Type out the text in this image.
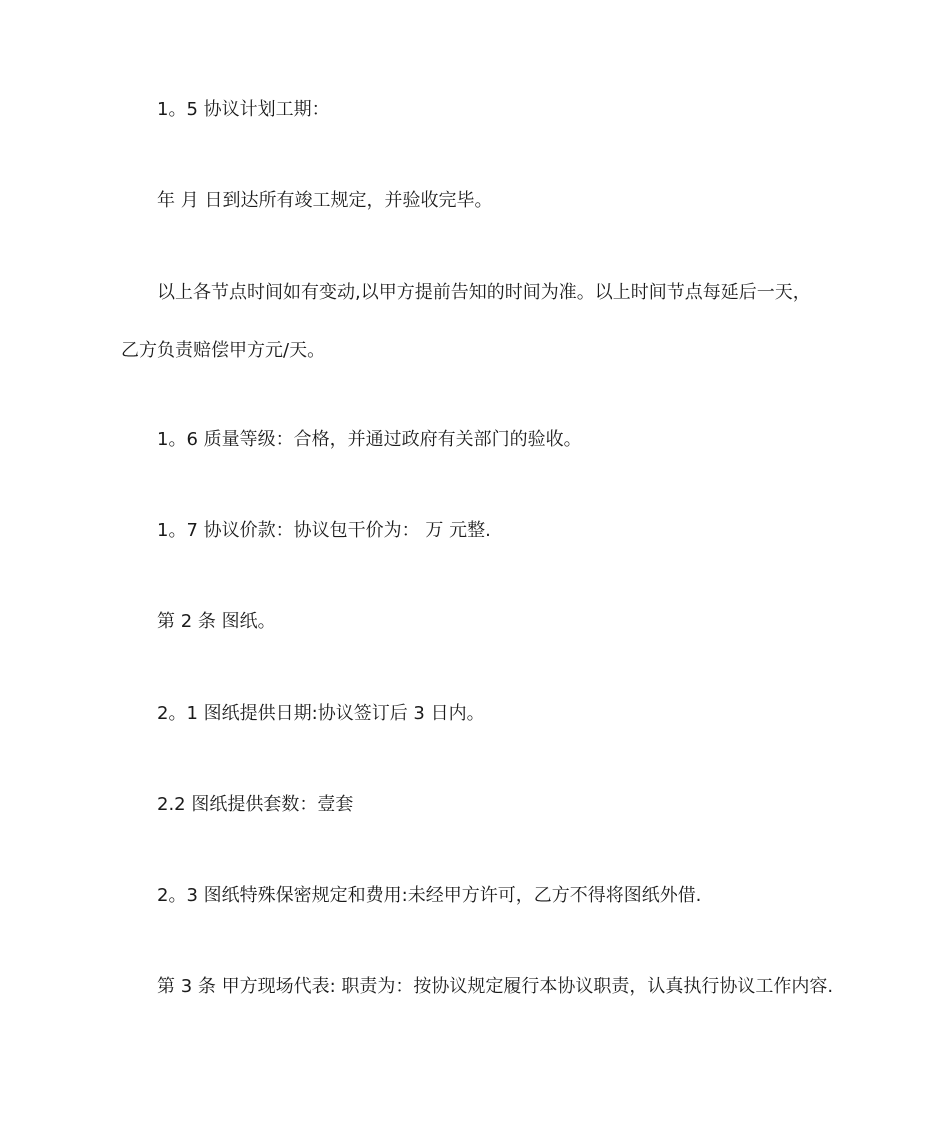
1。5 协议计划工期：
年 月 日到达所有竣工规定，并验收完毕。
以上各节点时间如有变动,以甲方提前告知的时间为准。以上时间节点每延后一天，
乙方负责赔偿甲方元/天。
1。6 质量等级：合格，并通过政府有关部门的验收。
1。7 协议价款：协议包干价为： 万 元整.
第 2 条 图纸。
2。1 图纸提供日期:协议签订后 3 日内。
2.2 图纸提供套数：壹套
2。3 图纸特殊保密规定和费用:未经甲方许可，乙方不得将图纸外借.
第 3 条 甲方现场代表: 职责为：按协议规定履行本协议职责，认真执行协议工作内容.
